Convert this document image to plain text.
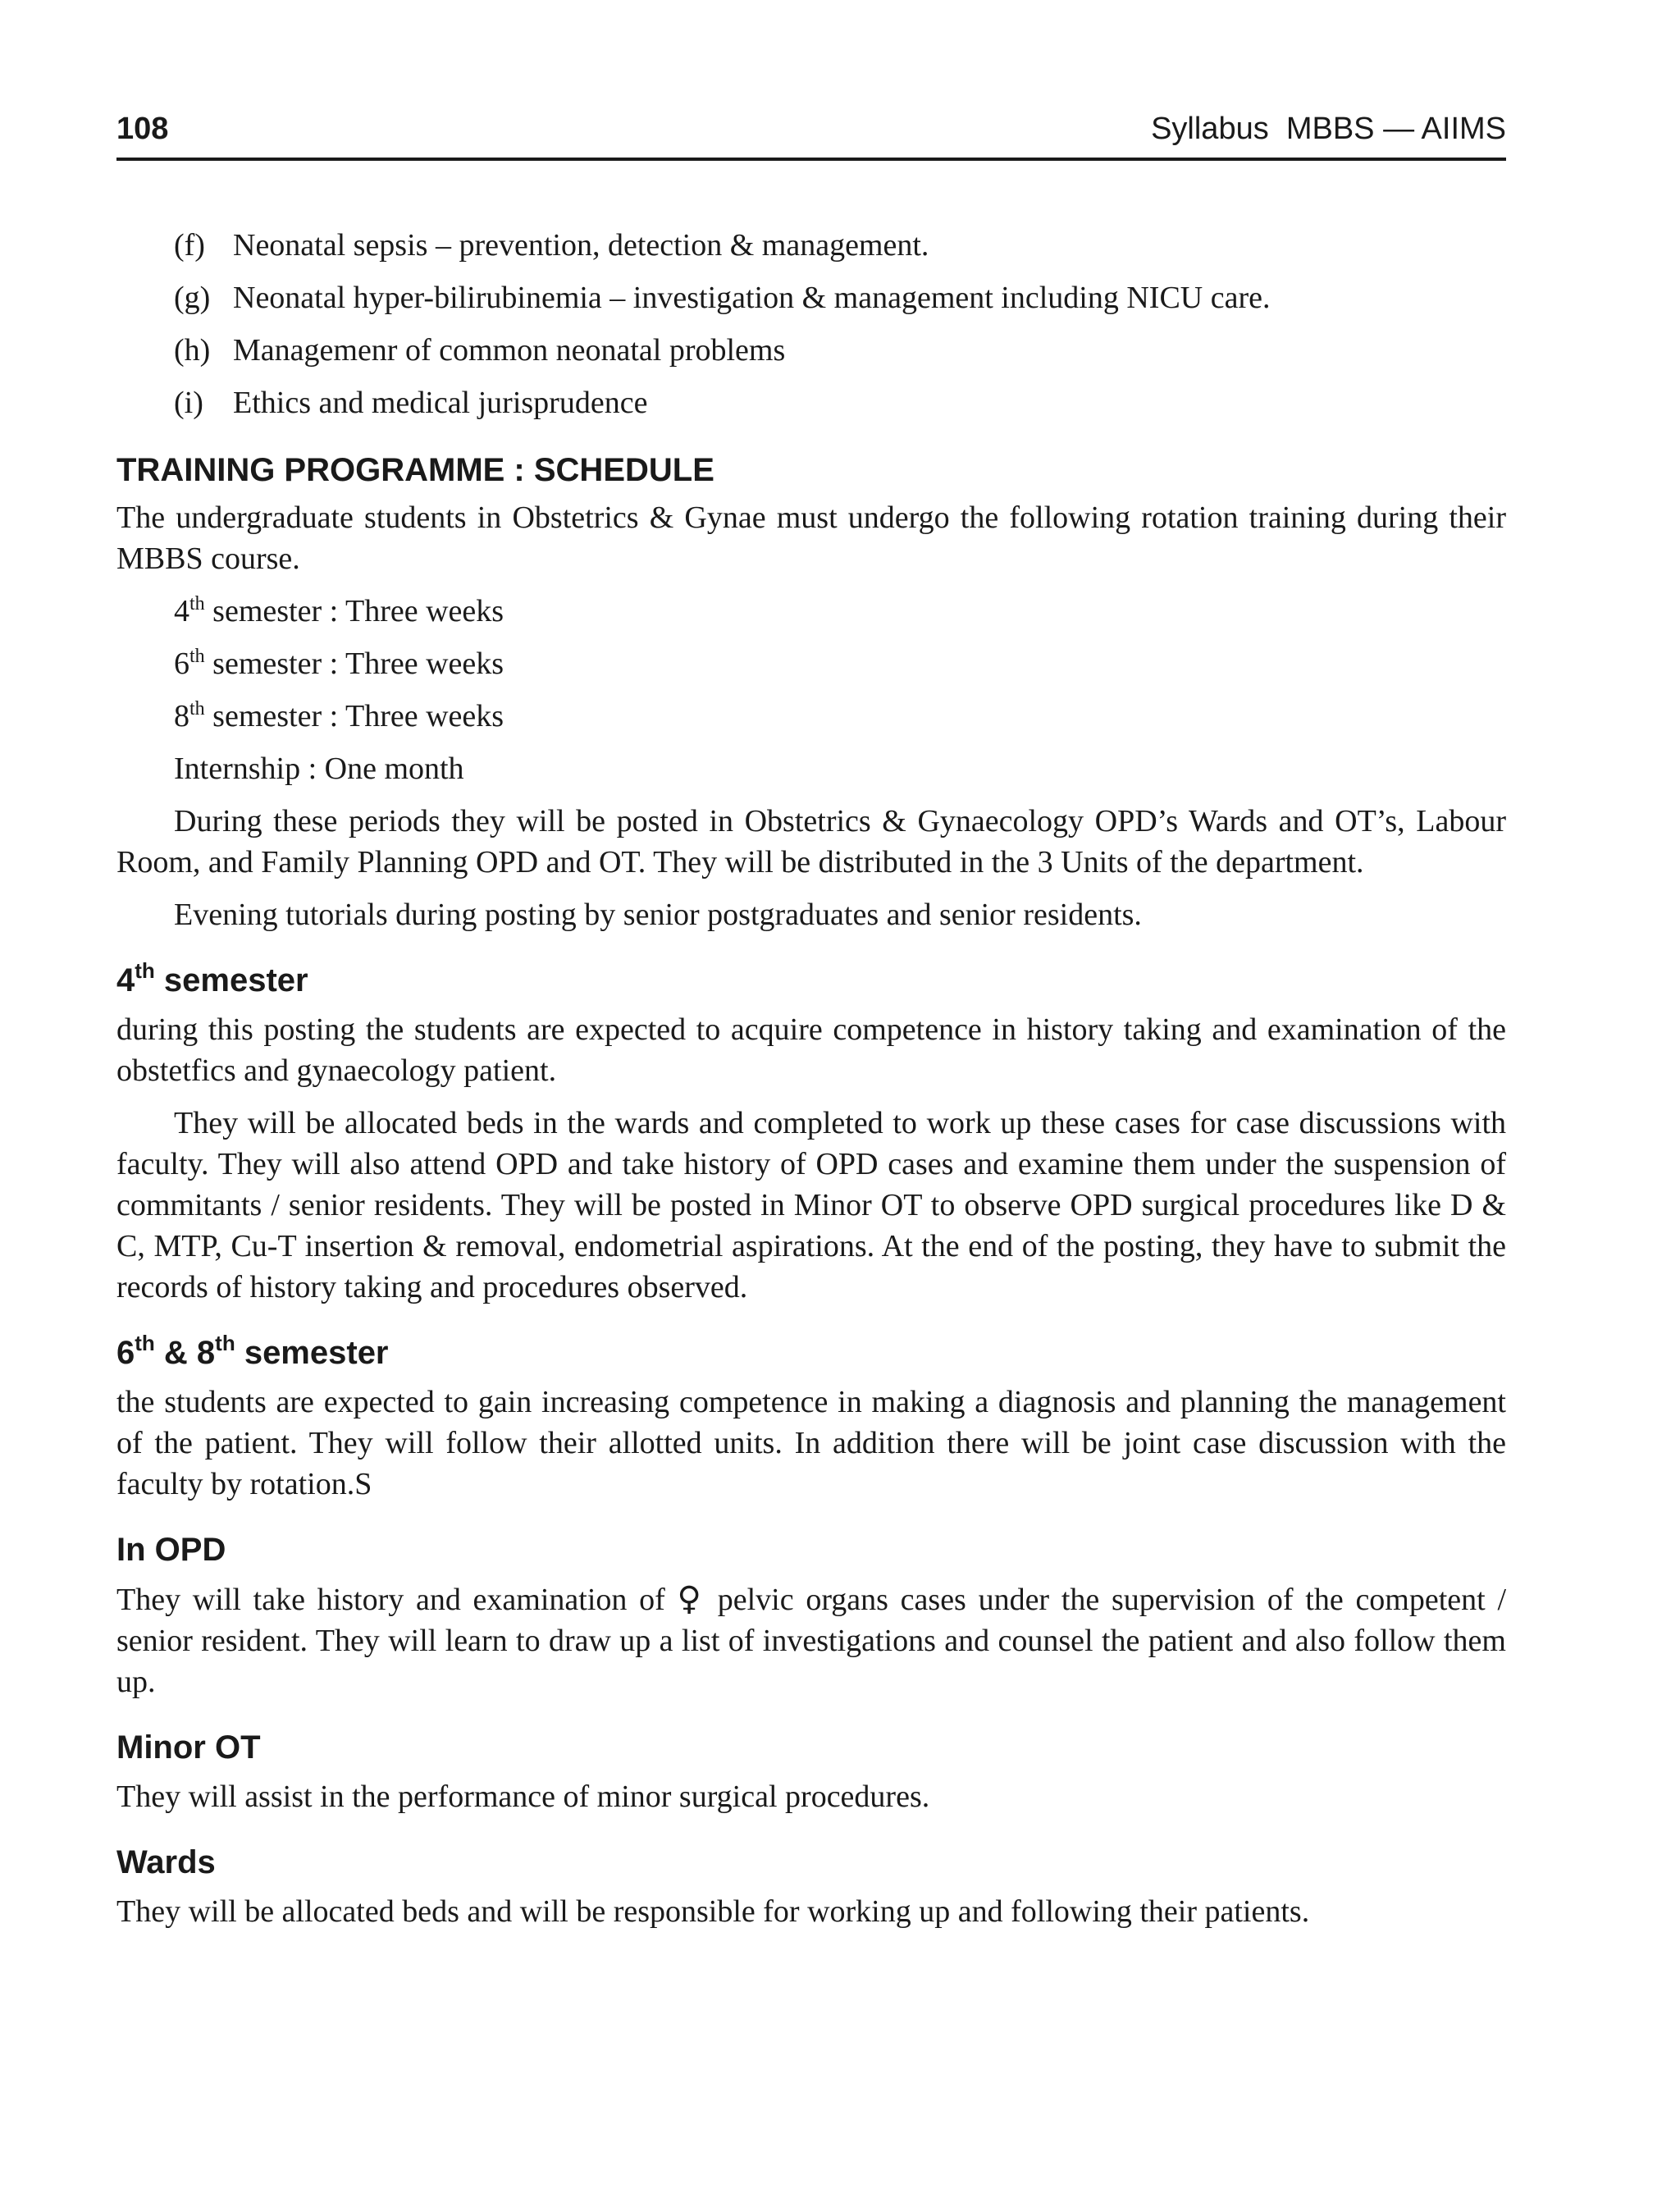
108	Syllabus  MBBS — AIIMS
(f) Neonatal sepsis – prevention, detection & management.
(g) Neonatal hyper-bilirubinemia – investigation & management including NICU care.
(h) Managemenr of common neonatal problems
(i) Ethics and medical jurisprudence
TRAINING PROGRAMME : SCHEDULE

The undergraduate students in Obstetrics & Gynae must undergo the following rotation training during their MBBS course.

4th semester : Three weeks
6th semester : Three weeks
8th semester : Three weeks
Internship : One month

During these periods they will be posted in Obstetrics & Gynaecology OPD’s Wards and OT’s, Labour Room, and Family Planning OPD and OT. They will be distributed in the 3 Units of the department.

Evening tutorials during posting by senior postgraduates and senior residents.

4th semester

during this posting the students are expected to acquire competence in history taking and examination of the obstetfics and gynaecology patient.

They will be allocated beds in the wards and completed to work up these cases for case discussions with faculty. They will also attend OPD and take history of OPD cases and examine them under the suspension of commitants / senior residents. They will be posted in Minor OT to observe OPD surgical procedures like D & C, MTP, Cu-T insertion & removal, endometrial aspirations. At the end of the posting, they have to submit the records of history taking and procedures observed.

6th & 8th semester

the students are expected to gain increasing competence in making a diagnosis and planning the management of the patient. They will follow their allotted units. In addition there will be joint case discussion with the faculty by rotation.S

In OPD

They will take history and examination of ♀ pelvic organs cases under the supervision of the competent / senior resident. They will learn to draw up a list of investigations and counsel the patient and also follow them up.

Minor OT

They will assist in the performance of minor surgical procedures.

Wards

They will be allocated beds and will be responsible for working up and following their patients.
